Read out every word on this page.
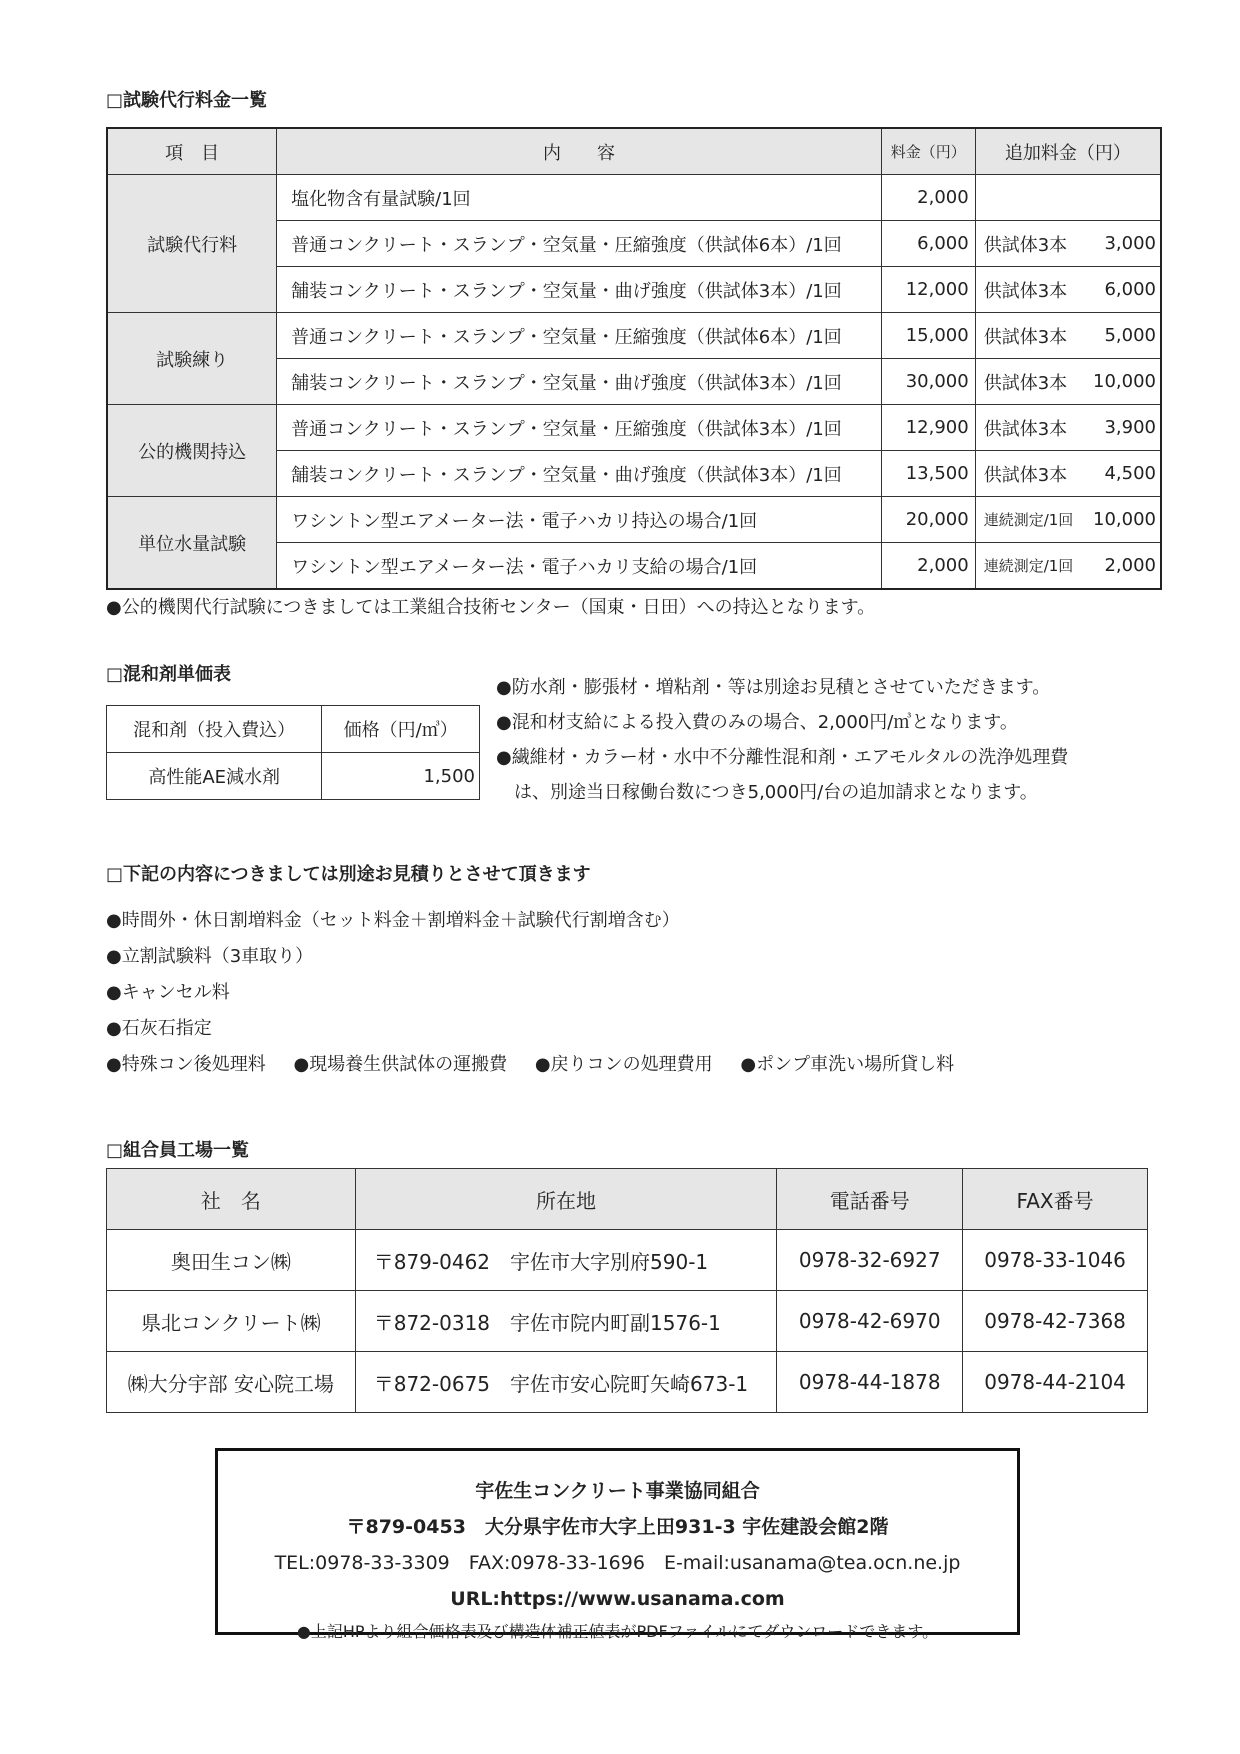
□試験代行料金一覧
項　目	内　　容	料金（円）	追加料金（円）
試験代行料	塩化物含有量試験/1回	2,000	

	普通コンクリート・スランプ・空気量・圧縮強度（供試体6本）/1回	6,000	供試体3本 3,000

	舗装コンクリート・スランプ・空気量・曲げ強度（供試体3本）/1回	12,000	供試体3本 6,000

試験練り	普通コンクリート・スランプ・空気量・圧縮強度（供試体6本）/1回	15,000	供試体3本 5,000

	舗装コンクリート・スランプ・空気量・曲げ強度（供試体3本）/1回	30,000	供試体3本 10,000

公的機関持込	普通コンクリート・スランプ・空気量・圧縮強度（供試体3本）/1回	12,900	供試体3本 3,900

	舗装コンクリート・スランプ・空気量・曲げ強度（供試体3本）/1回	13,500	供試体3本 4,500

単位水量試験	ワシントン型エアメーター法・電子ハカリ持込の場合/1回	20,000	連続測定/1回 10,000

	ワシントン型エアメーター法・電子ハカリ支給の場合/1回	2,000	連続測定/1回 2,000

●公的機関代行試験につきましては工業組合技術センター（国東・日田）への持込となります。

□混和剤単価表
混和剤（投入費込）	価格（円/㎥）
高性能AE減水剤	1,500
●防水剤・膨張材・増粘剤・等は別途お見積とさせていただきます。
●混和材支給による投入費のみの場合、2,000円/㎥となります。
●繊維材・カラー材・水中不分離性混和剤・エアモルタルの洗浄処理費
　は、別途当日稼働台数につき5,000円/台の追加請求となります。
□下記の内容につきましては別途お見積りとさせて頂きます
●時間外・休日割増料金（セット料金＋割増料金＋試験代行割増含む）
●立割試験料（3車取り）
●キャンセル料
●石灰石指定
●特殊コン後処理料 ●現場養生供試体の運搬費 ●戻りコンの処理費用 ●ポンプ車洗い場所貸し料
□組合員工場一覧
社　名	所在地	電話番号	FAX番号
奥田生コン㈱	〒879-0462　宇佐市大字別府590-1	0978-32-6927	0978-33-1046
県北コンクリート㈱	〒872-0318　宇佐市院内町副1576-1	0978-42-6970	0978-42-7368
㈱大分宇部 安心院工場	〒872-0675　宇佐市安心院町矢崎673-1	0978-44-1878	0978-44-2104

宇佐生コンクリート事業協同組合

〒879-0453　大分県宇佐市大字上田931-3 宇佐建設会館2階

TEL:0978-33-3309　FAX:0978-33-1696　E-mail:usanama@tea.ocn.ne.jp

URL:https://www.usanama.com

●上記HPより組合価格表及び構造体補正値表がPDFファイルにてダウンロードできます。
